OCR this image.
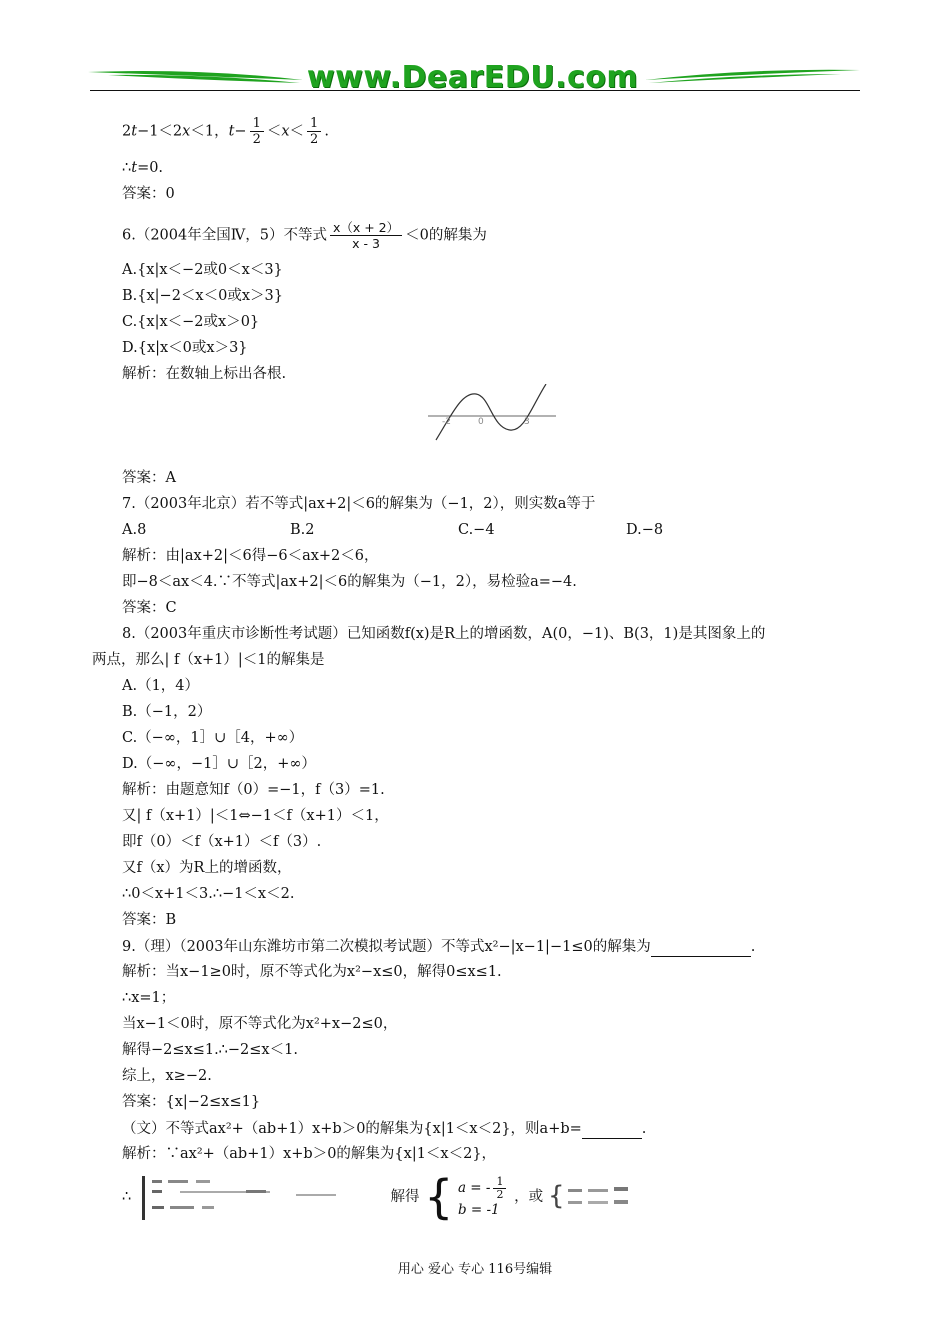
www.DearEDU.com
2t−1＜2x＜1，$t- \frac{1}{2} <x< \frac{1}{2}$ .
∴t=0.
答案：0
6.（2004年全国Ⅳ，5）不等式 $\frac{x(x + 2)}{x - 3} <0$的解集为
A.{x|x＜−2或0＜x＜3}
B.{x|−2＜x＜0或x＞3}
C.{x|x＜−2或x＞0}
D.{x|x＜0或x＞3}
解析：在数轴上标出各根.
-2	0	3
答案：A
7.（2003年北京）若不等式|ax+2|＜6的解集为（−1，2），则实数a等于
A.8	B.2	C.−4	D.−8
解析：由|ax+2|＜6得−6＜ax+2＜6，
即−8＜ax＜4.∵不等式|ax+2|＜6的解集为（−1，2），易检验a=−4.
答案：C
8.（2003年重庆市诊断性考试题）已知函数f(x)是R上的增函数，A(0，−1)、B(3，1)是其图象上的
两点，那么| f（x+1）|＜1的解集是
A.（1，4）
B.（−1，2）
C.（−∞，1］∪［4，+∞）
D.（−∞，−1］∪［2，+∞）
解析：由题意知f（0）=−1，f（3）=1.
又| f（x+1）|＜1⇔−1＜f（x+1）＜1，
即f（0）＜f（x+1）＜f（3）.
又f（x）为R上的增函数，
∴0＜x+1＜3.∴−1＜x＜2.
答案：B
9.（理）（2003年山东潍坊市第二次模拟考试题）不等式x²−|x−1|−1≤0的解集为	.
解析：当x−1≥0时，原不等式化为x²−x≤0，解得0≤x≤1.
∴x=1；
当x−1＜0时，原不等式化为x²+x−2≤0，
解得−2≤x≤1.∴−2≤x＜1.
综上，x≥−2.
答案：{x|−2≤x≤1}
（文）不等式ax²+（ab+1）x+b＞0的解集为{x|1＜x＜2}，则a+b=	.
解析：∵ax²+（ab+1）x+b＞0的解集为{x|1＜x＜2}，
∴	解得 { a = - $\frac{1}{2}$
b = -1
，或 {
用心 爱心 专心 116号编辑
